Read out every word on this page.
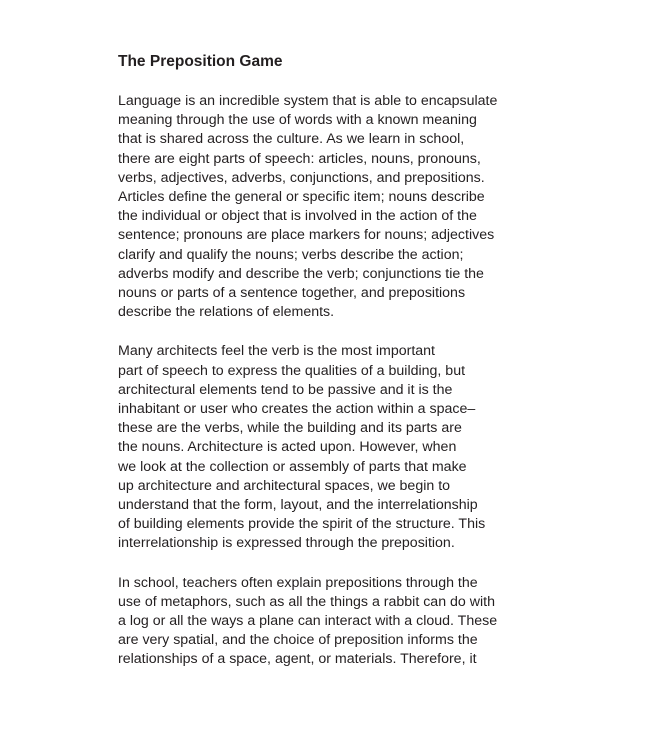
The Preposition Game
Language is an incredible system that is able to encapsulate
meaning through the use of words with a known meaning
that is shared across the culture. As we learn in school,
there are eight parts of speech: articles, nouns, pronouns,
verbs, adjectives, adverbs, conjunctions, and prepositions.
Articles define the general or specific item; nouns describe
the individual or object that is involved in the action of the
sentence; pronouns are place markers for nouns; adjectives
clarify and qualify the nouns; verbs describe the action;
adverbs modify and describe the verb; conjunctions tie the
nouns or parts of a sentence together, and prepositions
describe the relations of elements.
Many architects feel the verb is the most important
part of speech to express the qualities of a building, but
architectural elements tend to be passive and it is the
inhabitant or user who creates the action within a space–
these are the verbs, while the building and its parts are
the nouns. Architecture is acted upon. However, when
we look at the collection or assembly of parts that make
up architecture and architectural spaces, we begin to
understand that the form, layout, and the interrelationship
of building elements provide the spirit of the structure. This
interrelationship is expressed through the preposition.
In school, teachers often explain prepositions through the
use of metaphors, such as all the things a rabbit can do with
a log or all the ways a plane can interact with a cloud. These
are very spatial, and the choice of preposition informs the
relationships of a space, agent, or materials. Therefore, it
